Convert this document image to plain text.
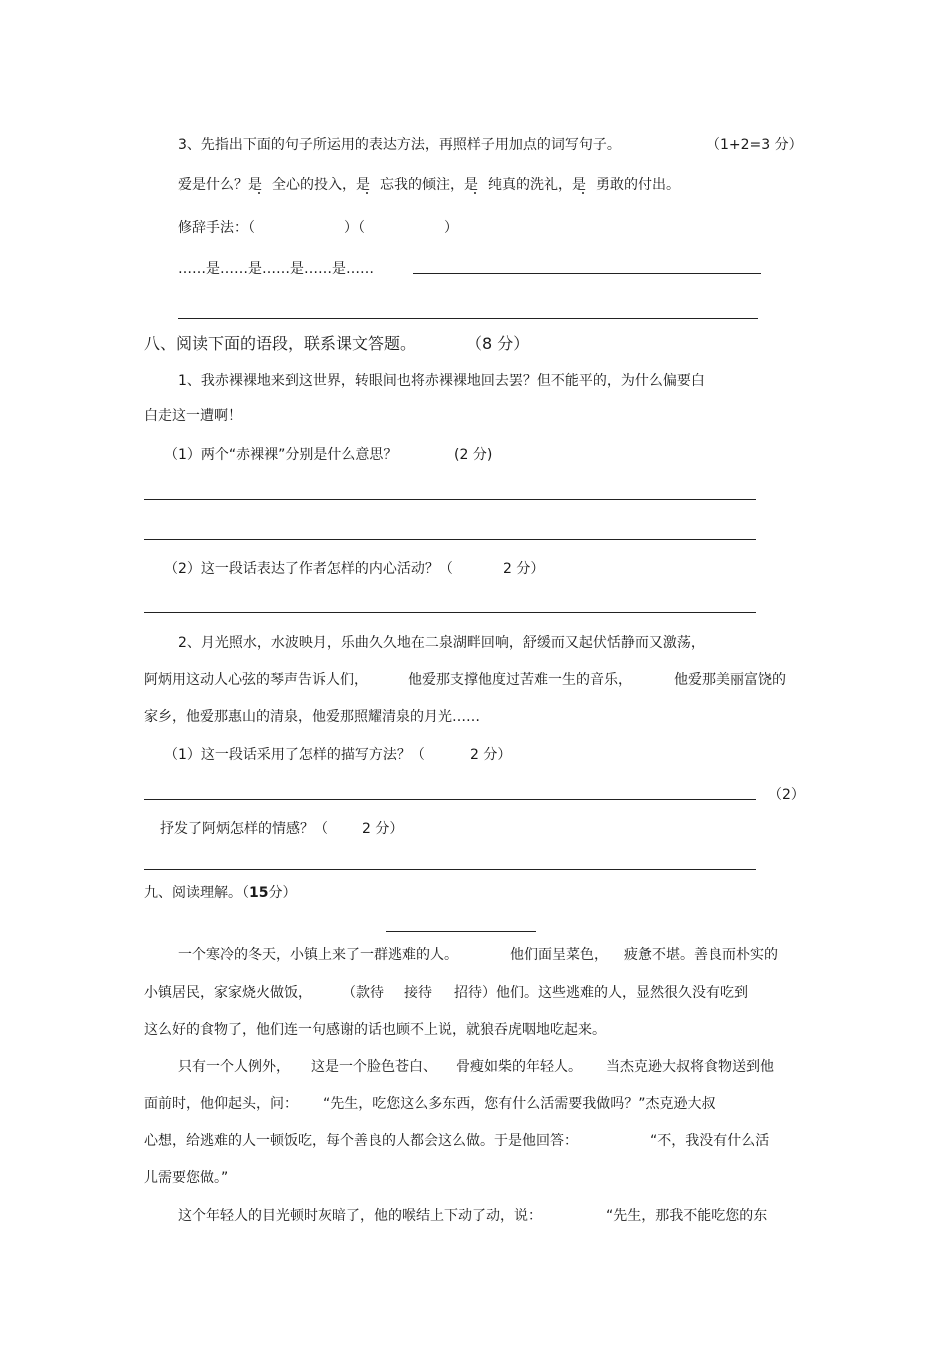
3、先指出下面的句子所运用的表达方法，再照样子用加点的词写句子。	（1+2=3 分）
爱是什么？是 全心的投入，是 忘我的倾注，是 纯真的洗礼，是 勇敢的付出。
修辞手法：（	）（	）
……是……是……是……是……
八、阅读下面的语段，联系课文答题。	（8 分）
1、我赤裸裸地来到这世界，转眼间也将赤裸裸地回去罢？但不能平的，为什么偏要白
白走这一遭啊！
（1）两个“赤裸裸”分别是什么意思？	(2 分)
（2）这一段话表达了作者怎样的内心活动？（	2 分）
2、月光照水，水波映月，乐曲久久地在二泉湖畔回响，舒缓而又起伏恬静而又激荡，
阿炳用这动人心弦的琴声告诉人们，	他爱那支撑他度过苦难一生的音乐，	他爱那美丽富饶的
家乡，他爱那惠山的清泉，他爱那照耀清泉的月光……
（1）这一段话采用了怎样的描写方法？（	2 分）
（2）
抒发了阿炳怎样的情感？（ 2 分）
九、阅读理解。（15分）
一个寒冷的冬天，小镇上来了一群逃难的人。	他们面呈菜色， 疲惫不堪。善良而朴实的
小镇居民，家家烧火做饭， （款待 接待 招待）他们。这些逃难的人，显然很久没有吃到
这么好的食物了，他们连一句感谢的话也顾不上说，就狼吞虎咽地吃起来。
只有一个人例外， 这是一个脸色苍白、 骨瘦如柴的年轻人。 当杰克逊大叔将食物送到他
面前时，他仰起头，问： “先生，吃您这么多东西，您有什么活需要我做吗？”杰克逊大叔
心想，给逃难的人一顿饭吃，每个善良的人都会这么做。于是他回答：	“不，我没有什么活
儿需要您做。”
这个年轻人的目光顿时灰暗了，他的喉结上下动了动，说：	“先生，那我不能吃您的东
